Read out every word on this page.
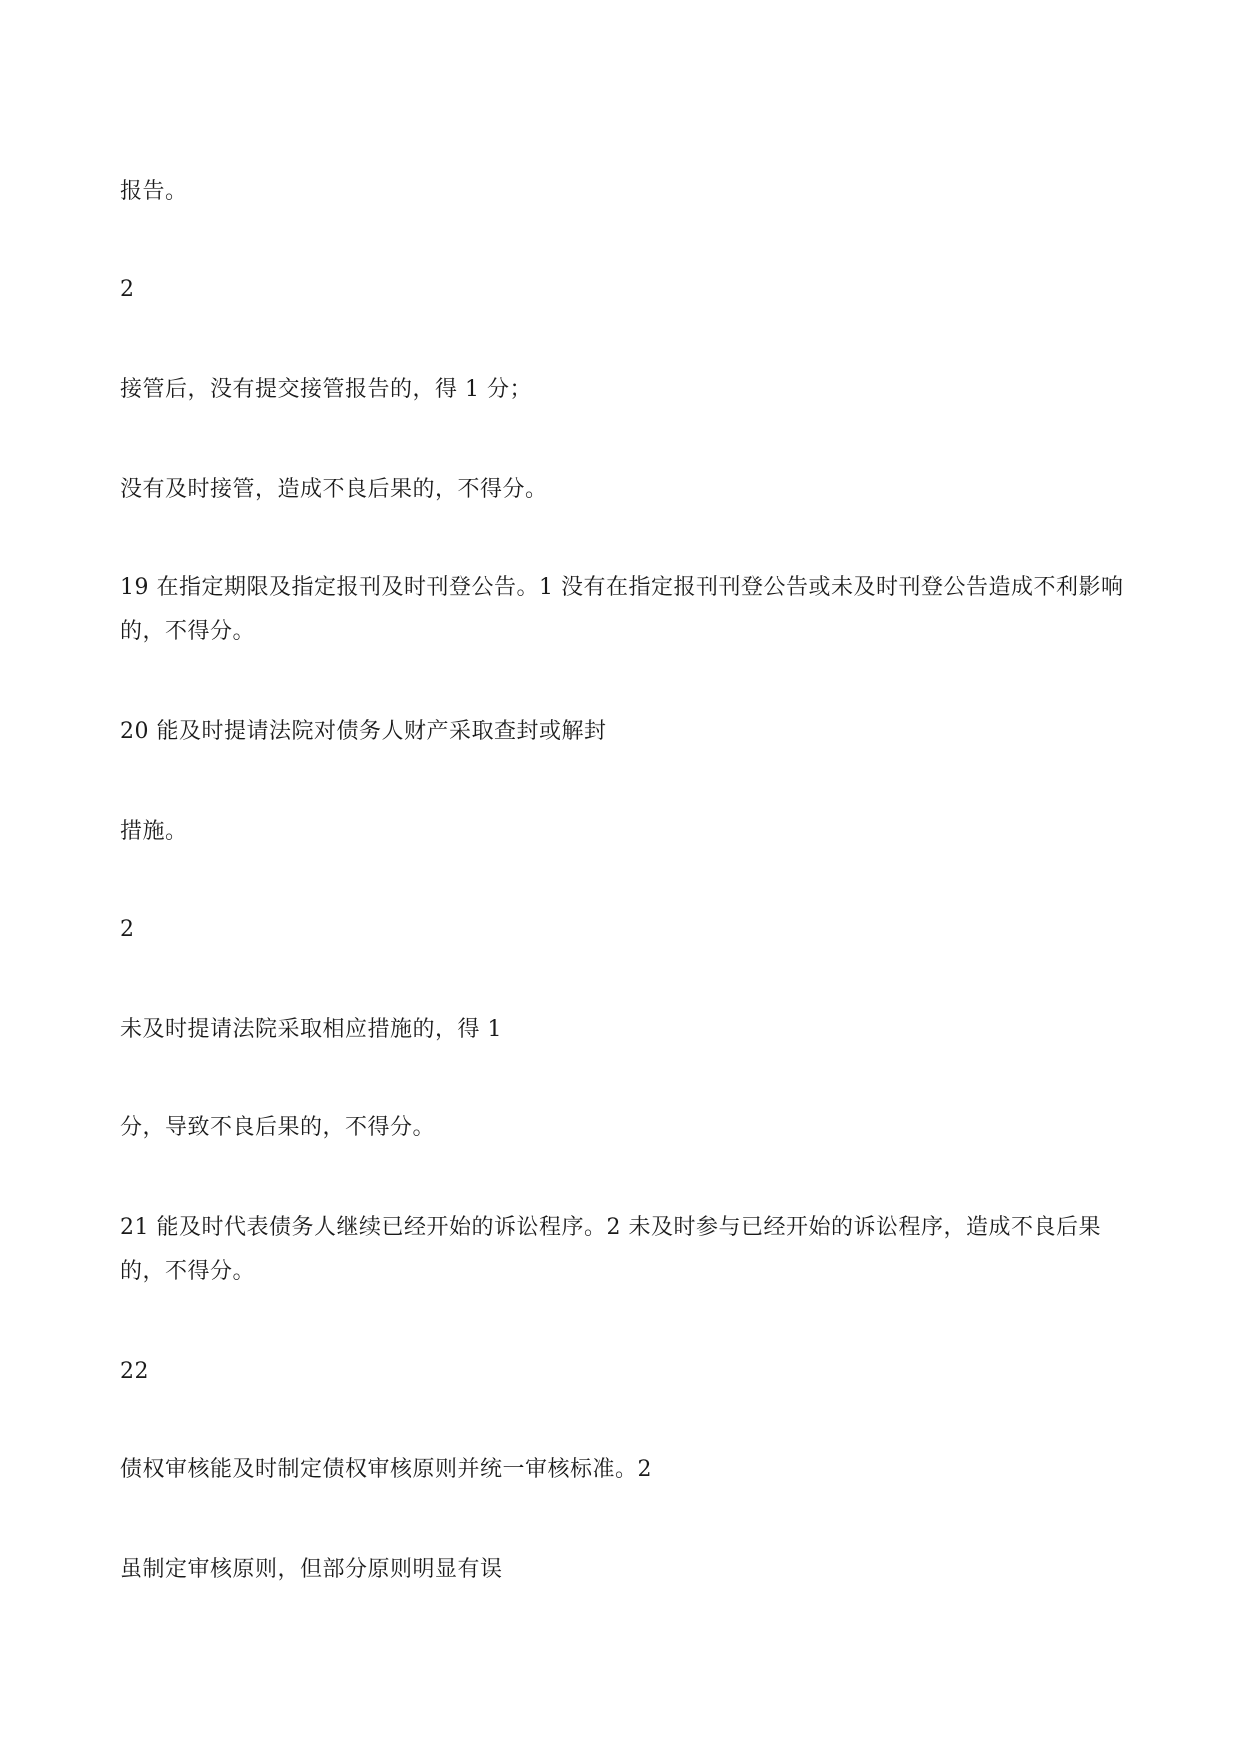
报告。

2

接管后，没有提交接管报告的，得 1 分；

没有及时接管，造成不良后果的，不得分。

19 在指定期限及指定报刊及时刊登公告。1 没有在指定报刊刊登公告或未及时刊登公告造成不利影响的，不得分。

20 能及时提请法院对债务人财产采取查封或解封

措施。

2

未及时提请法院采取相应措施的，得 1

分，导致不良后果的，不得分。

21 能及时代表债务人继续已经开始的诉讼程序。2 未及时参与已经开始的诉讼程序，造成不良后果的，不得分。

22

债权审核能及时制定债权审核原则并统一审核标准。2

虽制定审核原则，但部分原则明显有误
